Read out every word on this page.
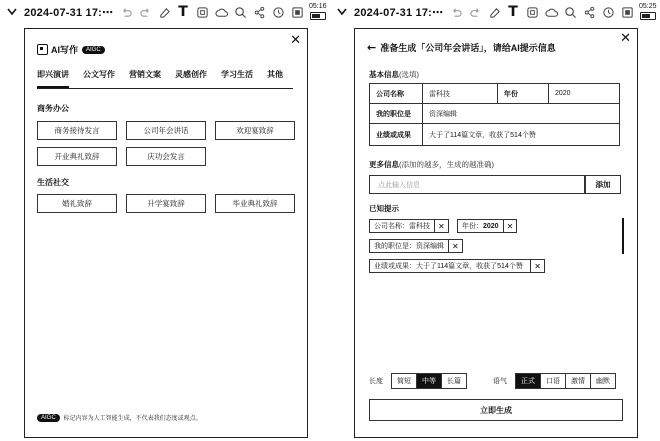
2024-07-31 17:⋯	T	05:16
✕
AI写作	AIGC
即兴演讲 公文写作 营销文案 灵感创作 学习生活 其他
商务办公
商务接待发言	公司年会讲话	欢迎宴致辞
开业典礼致辞	庆功会发言
生活社交
婚礼致辞	升学宴致辞	毕业典礼致辞
AIGC	标记内容为人工智能生成，不代表我们态度或观点。
2024-07-31 17:⋯	T	05:25
✕
← 准备生成「公司年会讲话」，请给AI提示信息
基本信息(选填)
公司名称	雷科技	年份	2020
我的职位是	资深编辑		
业绩或成果	大于了114篇文章，收获了514个赞		
更多信息(添加的越多，生成的越准确)
点此输入信息	添加
已知提示
公司名称： 雷科技	✕	年份： 2020	✕
我的职位是： 资深编辑	✕
业绩或成果：大于了114篇文章，收获了514个赞	✕
长度	简短	中等	长篇	语气	正式	口语	激情	幽默
立即生成
